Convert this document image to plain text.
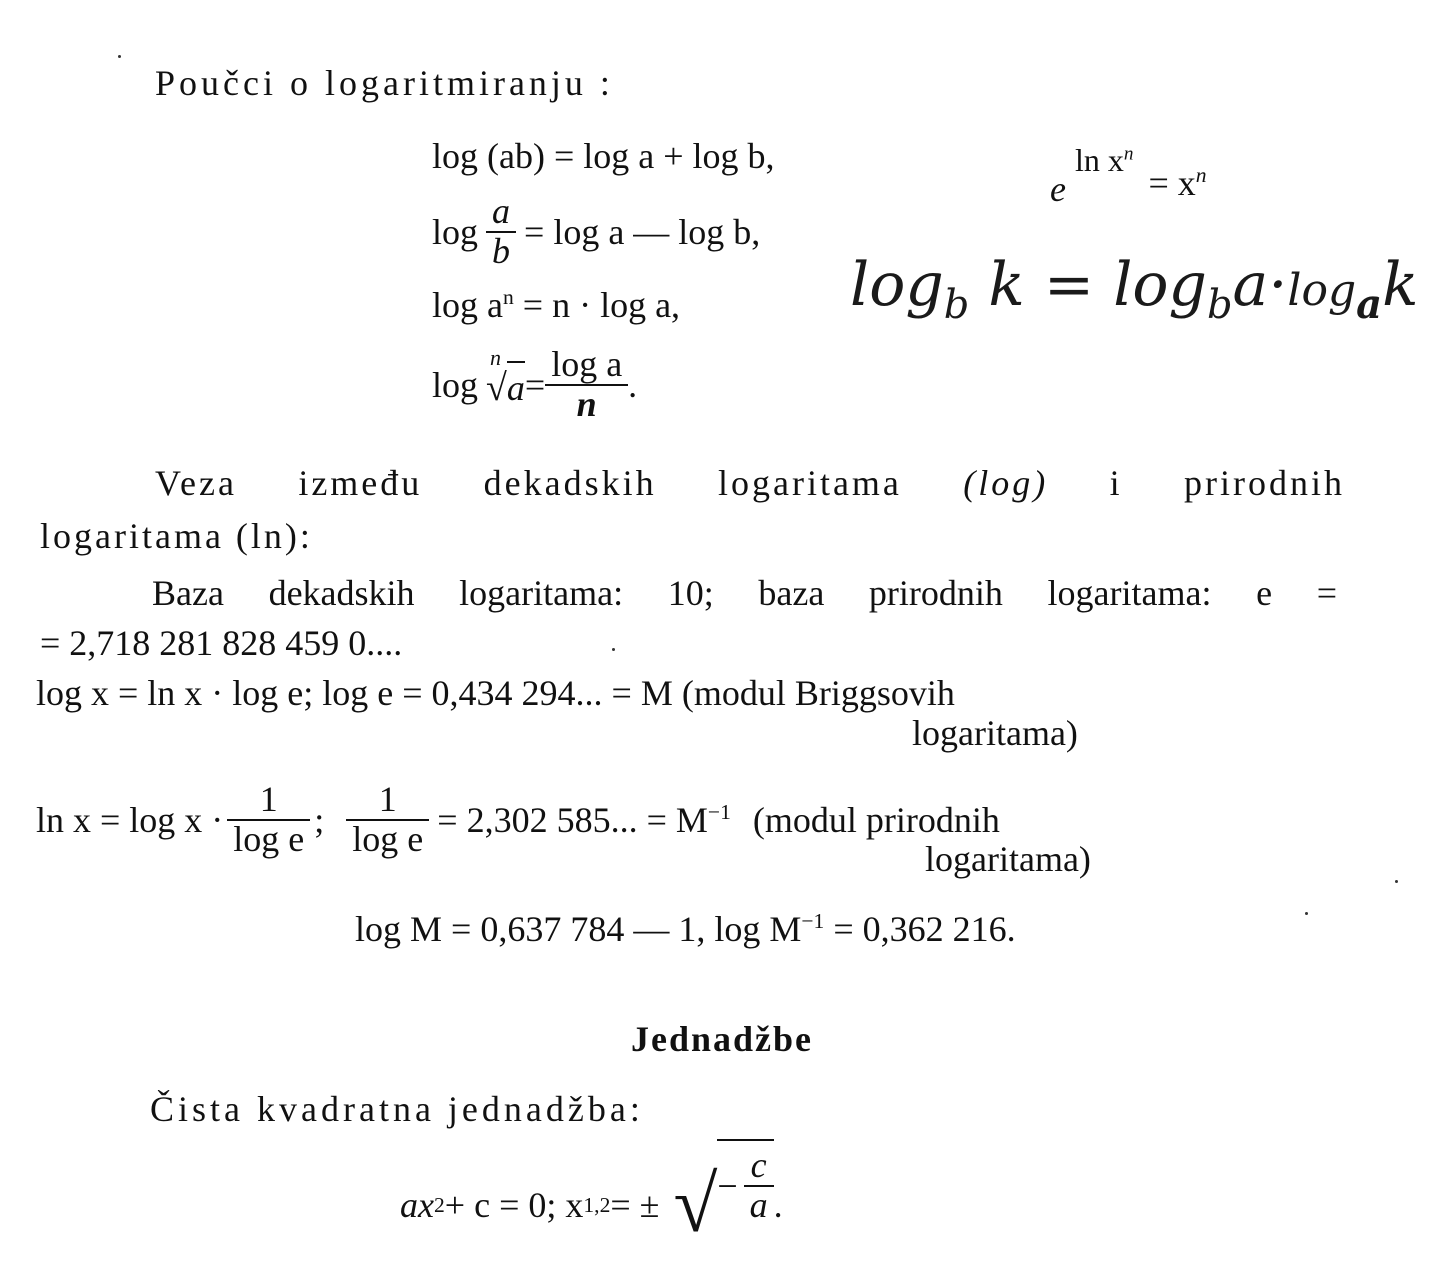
Poučci o logaritmiranju :
log (ab) = log a + log b,
$\log \frac{a}{b} = \log a$ — log b,
$\log a^n = n \cdot \log a$,
log
n
$√a = \frac{\text{log a}}{n}$ .
e $\ln x^n = x^n$
$\log_b k = \log_ba\cdot\log_ak$
Veza između dekadskih logaritama (log) i prirodnih
logaritama (ln):
Baza dekadskih logaritama: 10; baza prirodnih logaritama: e =
= 2,718 281 828 459 0....
log x = ln x · log e; log e = 0,434 294... = M (modul Briggsovih
logaritama)
$\ln x = \log x \cdot \frac{1}{\text{log e}}$ ; $\frac{1}{\text{log e}} = 2,302$ 585... = $M^{-1}$ (modul prirodnih
logaritama)
log M = 0,637 784 — 1, $\log M^{-1} = 0,362$ 216.
Jednadžbe
Čista kvadratna jednadžba:
ax 2 + c = 0; x 1,2 = ± √ − $\frac{c}{a}$ .
